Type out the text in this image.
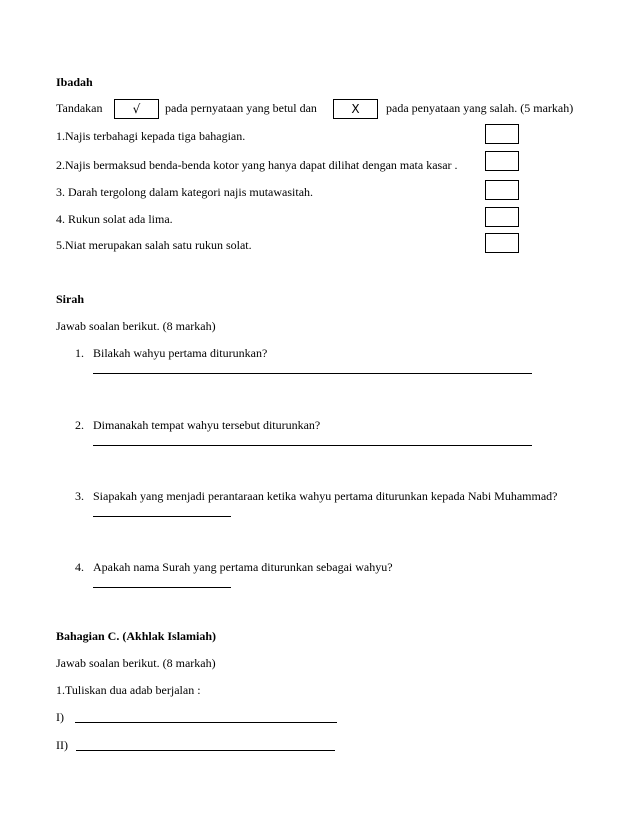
Ibadah
Tandakan	√	pada pernyataan yang betul dan	X	pada penyataan yang salah. (5 markah)
1.Najis terbahagi kepada tiga bahagian.
2.Najis bermaksud benda-benda kotor yang hanya dapat dilihat dengan mata kasar .
3. Darah tergolong dalam kategori najis mutawasitah.
4. Rukun solat ada lima.
5.Niat merupakan salah satu rukun solat.
Sirah
Jawab soalan berikut. (8 markah)
1. Bilakah wahyu pertama diturunkan?
2. Dimanakah tempat wahyu tersebut diturunkan?
3. Siapakah yang menjadi perantaraan ketika wahyu pertama diturunkan kepada Nabi Muhammad?
4. Apakah nama Surah yang pertama diturunkan sebagai wahyu?
Bahagian C. (Akhlak Islamiah)
Jawab soalan berikut. (8 markah)
1.Tuliskan dua adab berjalan :
I)
II)
